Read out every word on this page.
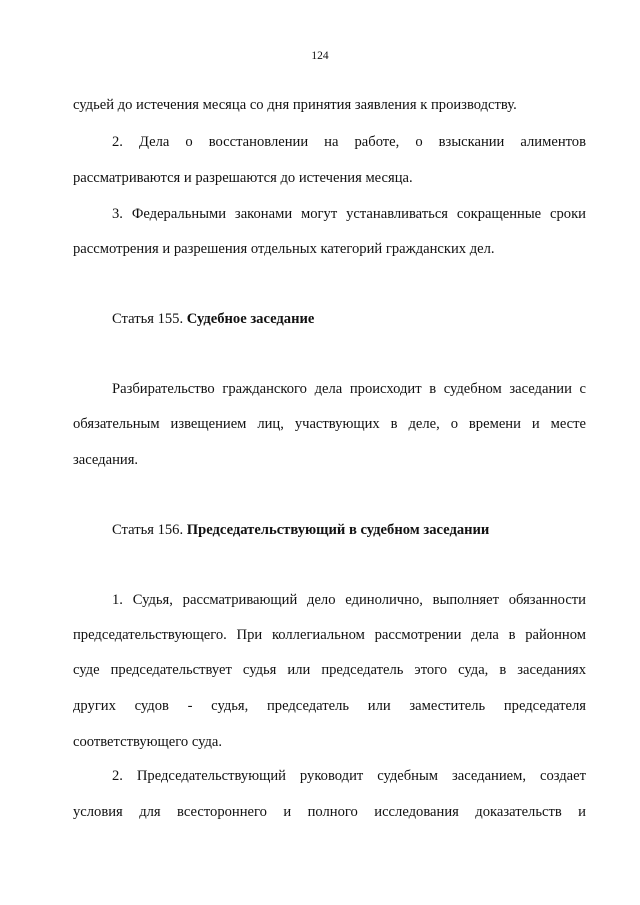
124
судьей до истечения месяца со дня принятия заявления к производству.
2. Дела о восстановлении на работе, о взыскании алиментов
рассматриваются и разрешаются до истечения месяца.
3. Федеральными законами могут устанавливаться сокращенные сроки
рассмотрения и разрешения отдельных категорий гражданских дел.
Статья 155. Судебное заседание
Разбирательство гражданского дела происходит в судебном заседании с
обязательным извещением лиц, участвующих в деле, о времени и месте
заседания.
Статья 156. Председательствующий в судебном заседании
1. Судья, рассматривающий дело единолично, выполняет обязанности
председательствующего. При коллегиальном рассмотрении дела в районном
суде председательствует судья или председатель этого суда, в заседаниях
других судов - судья, председатель или заместитель председателя
соответствующего суда.
2. Председательствующий руководит судебным заседанием, создает
условия для всестороннего и полного исследования доказательств и
